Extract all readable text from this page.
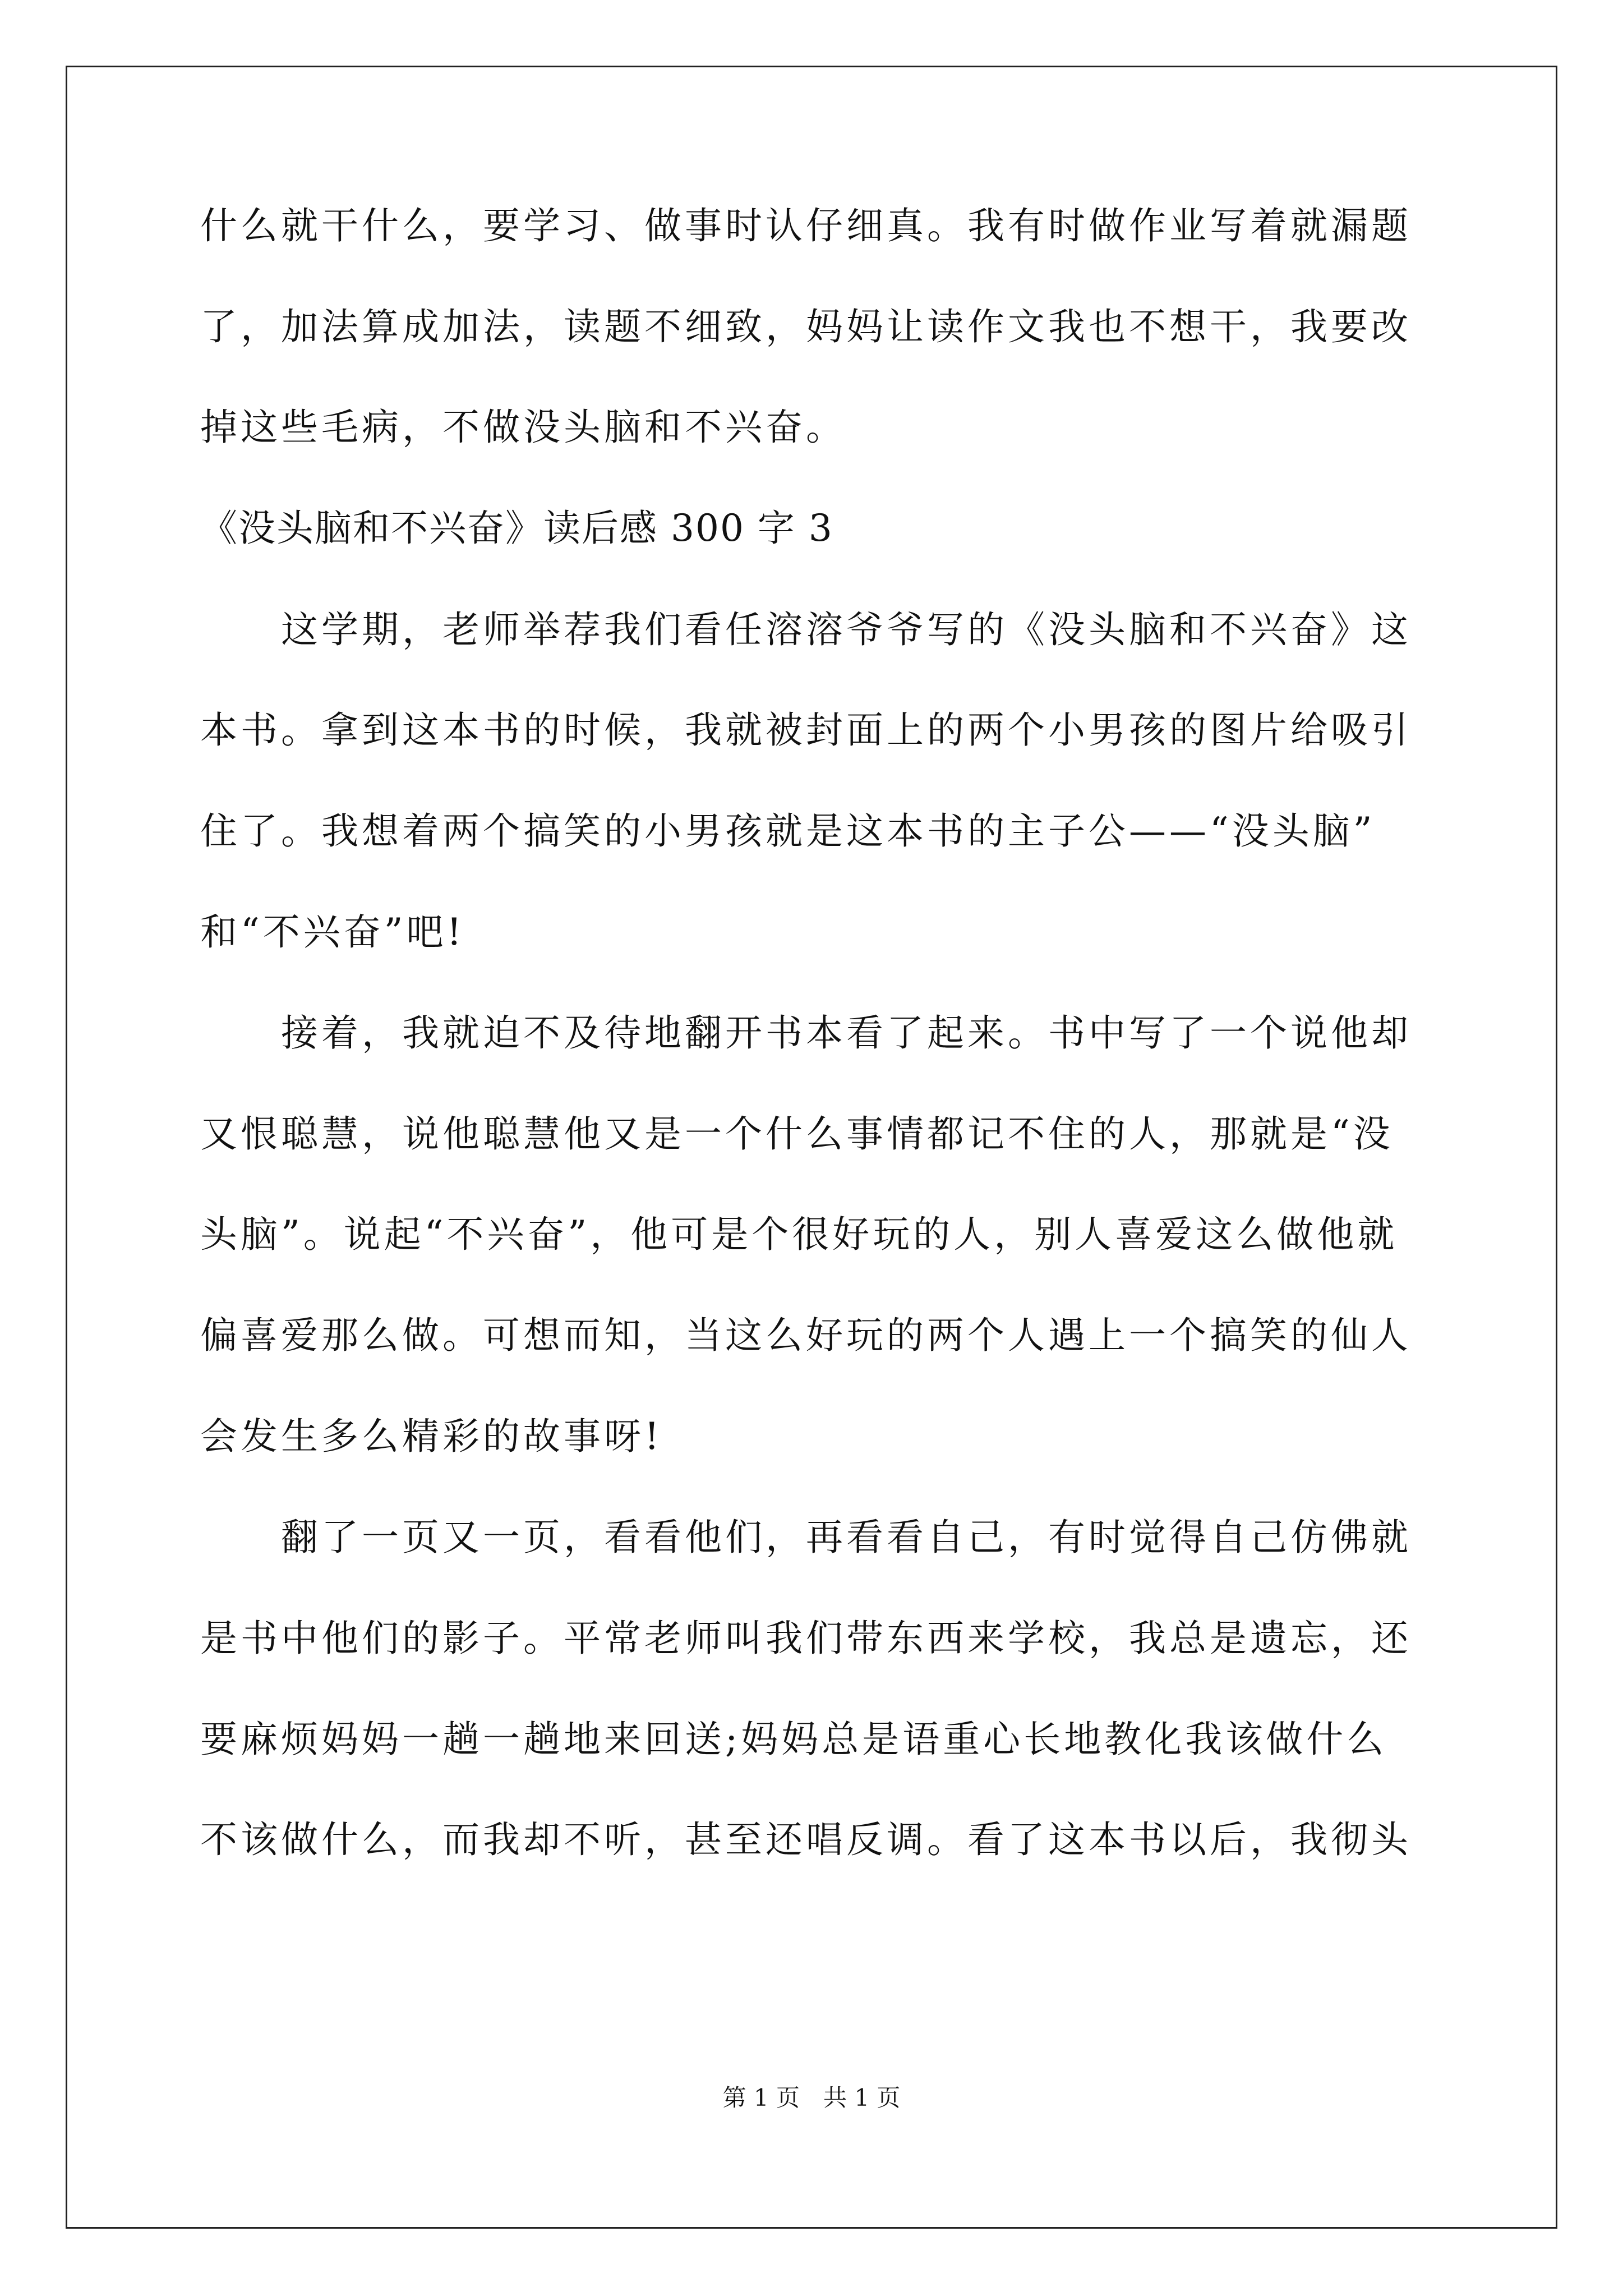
什么就干什么，要学习、做事时认仔细真。我有时做作业写着就漏题

了，加法算成加法，读题不细致，妈妈让读作文我也不想干，我要改

掉这些毛病，不做没头脑和不兴奋。

《没头脑和不兴奋》读后感 300 字 3

　　这学期，老师举荐我们看任溶溶爷爷写的《没头脑和不兴奋》这

本书。拿到这本书的时候，我就被封面上的两个小男孩的图片给吸引

住了。我想着两个搞笑的小男孩就是这本书的主子公——“没头脑”

和“不兴奋”吧!

　　接着，我就迫不及待地翻开书本看了起来。书中写了一个说他却

又恨聪慧，说他聪慧他又是一个什么事情都记不住的人，那就是“没

头脑”。说起“不兴奋”，他可是个很好玩的人，别人喜爱这么做他就

偏喜爱那么做。可想而知，当这么好玩的两个人遇上一个搞笑的仙人

会发生多么精彩的故事呀!

　　翻了一页又一页，看看他们，再看看自己，有时觉得自己仿佛就

是书中他们的影子。平常老师叫我们带东西来学校，我总是遗忘，还

要麻烦妈妈一趟一趟地来回送;妈妈总是语重心长地教化我该做什么

不该做什么，而我却不听，甚至还唱反调。看了这本书以后，我彻头

第 1 页　共 1 页
